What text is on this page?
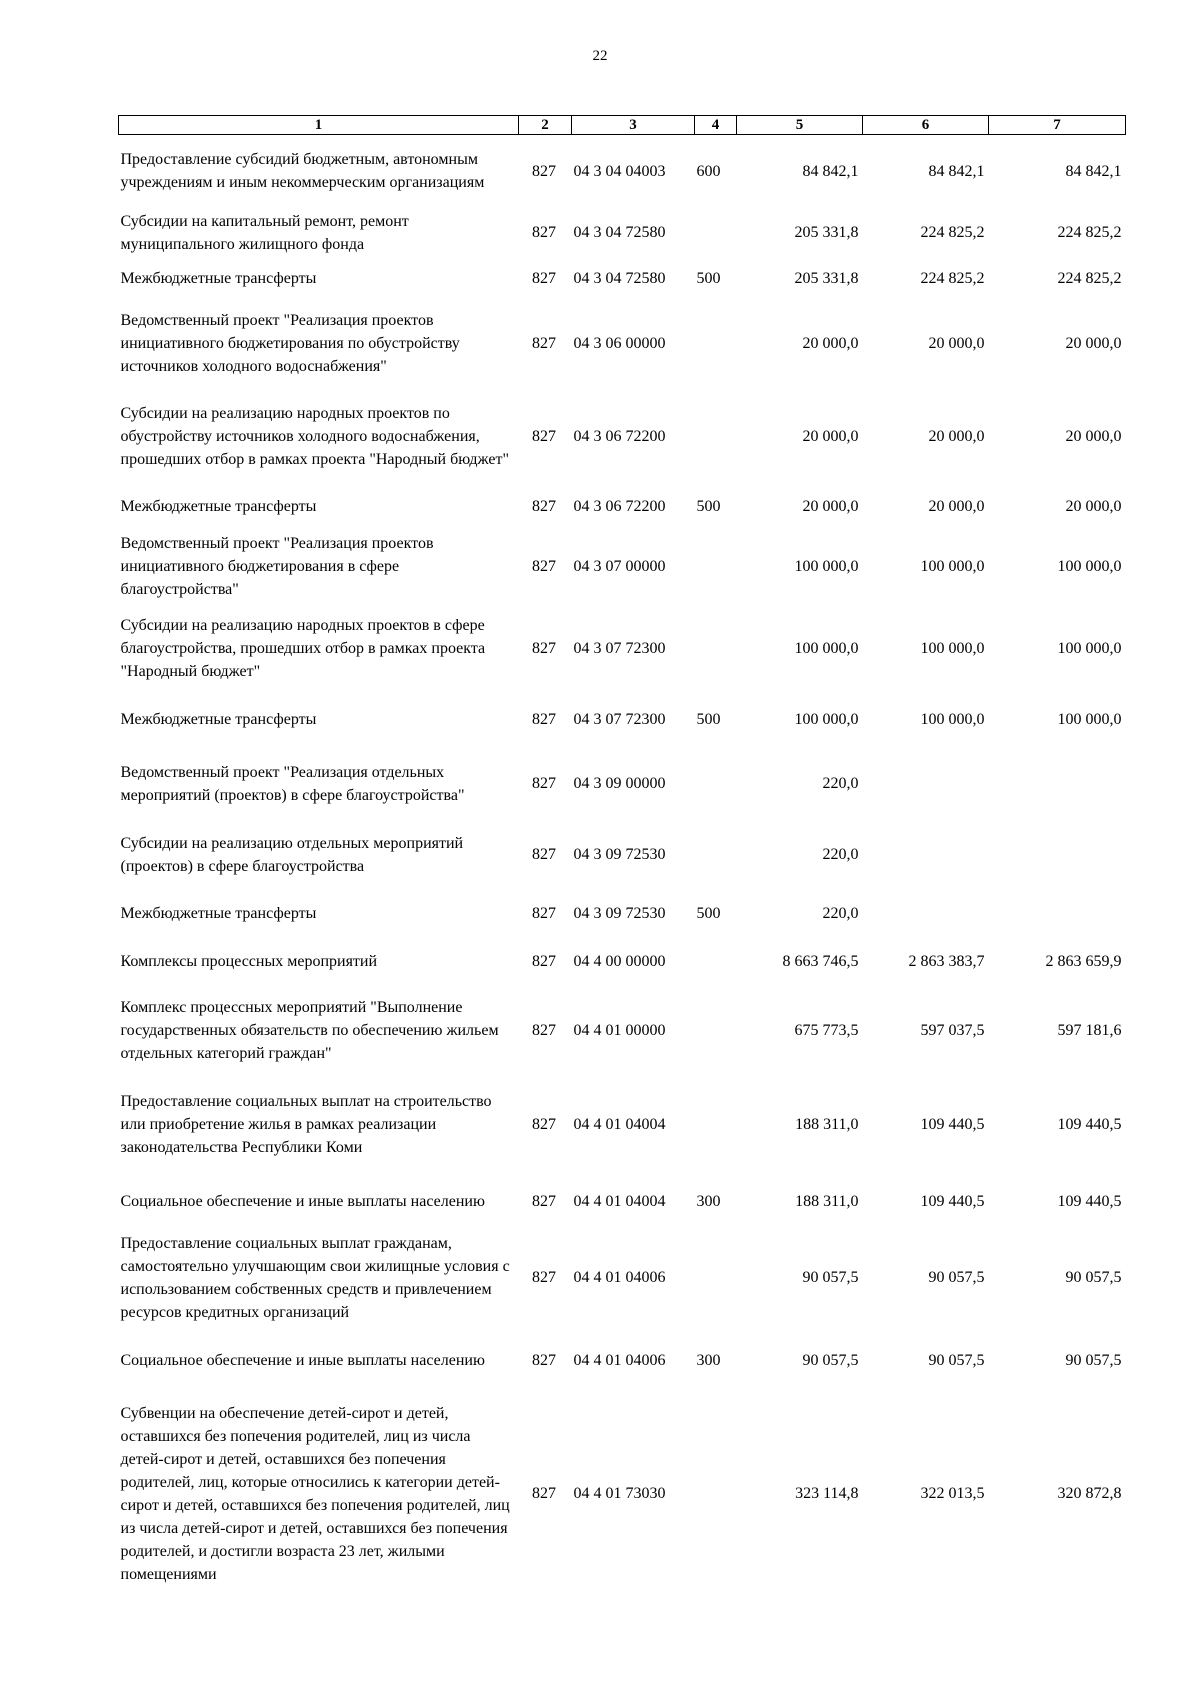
22
1	2	3	4	5	6	7
Предоставление субсидий бюджетным, автономным учреждениям и иным некоммерческим организациям	827	04 3 04 04003	600	84 842,1	84 842,1	84 842,1
Субсидии на капитальный ремонт, ремонт муниципального жилищного фонда	827	04 3 04 72580		205 331,8	224 825,2	224 825,2
Межбюджетные трансферты	827	04 3 04 72580	500	205 331,8	224 825,2	224 825,2
Ведомственный проект "Реализация проектов инициативного бюджетирования по обустройству источников холодного водоснабжения"	827	04 3 06 00000		20 000,0	20 000,0	20 000,0
Субсидии на реализацию народных проектов по обустройству источников холодного водоснабжения, прошедших отбор в рамках проекта "Народный бюджет"	827	04 3 06 72200		20 000,0	20 000,0	20 000,0
Межбюджетные трансферты	827	04 3 06 72200	500	20 000,0	20 000,0	20 000,0
Ведомственный проект "Реализация проектов инициативного бюджетирования в сфере благоустройства"	827	04 3 07 00000		100 000,0	100 000,0	100 000,0
Субсидии на реализацию народных проектов в сфере благоустройства, прошедших отбор в рамках проекта "Народный бюджет"	827	04 3 07 72300		100 000,0	100 000,0	100 000,0
Межбюджетные трансферты	827	04 3 07 72300	500	100 000,0	100 000,0	100 000,0
Ведомственный проект "Реализация отдельных мероприятий (проектов) в сфере благоустройства"	827	04 3 09 00000		220,0		
Субсидии на реализацию отдельных мероприятий (проектов) в сфере благоустройства	827	04 3 09 72530		220,0		
Межбюджетные трансферты	827	04 3 09 72530	500	220,0		
Комплексы процессных мероприятий	827	04 4 00 00000		8 663 746,5	2 863 383,7	2 863 659,9
Комплекс процессных мероприятий "Выполнение государственных обязательств по обеспечению жильем отдельных категорий граждан"	827	04 4 01 00000		675 773,5	597 037,5	597 181,6
Предоставление социальных выплат на строительство или приобретение жилья в рамках реализации законодательства Республики Коми	827	04 4 01 04004		188 311,0	109 440,5	109 440,5
Социальное обеспечение и иные выплаты населению	827	04 4 01 04004	300	188 311,0	109 440,5	109 440,5
Предоставление социальных выплат гражданам, самостоятельно улучшающим свои жилищные условия с использованием собственных средств и привлечением ресурсов кредитных организаций	827	04 4 01 04006		90 057,5	90 057,5	90 057,5
Социальное обеспечение и иные выплаты населению	827	04 4 01 04006	300	90 057,5	90 057,5	90 057,5
Субвенции на обеспечение детей-сирот и детей, оставшихся без попечения родителей, лиц из числа детей-сирот и детей, оставшихся без попечения родителей, лиц, которые относились к категории детей-сирот и детей, оставшихся без попечения родителей, лиц из числа детей-сирот и детей, оставшихся без попечения родителей, и достигли возраста 23 лет, жилыми помещениями	827	04 4 01 73030		323 114,8	322 013,5	320 872,8
